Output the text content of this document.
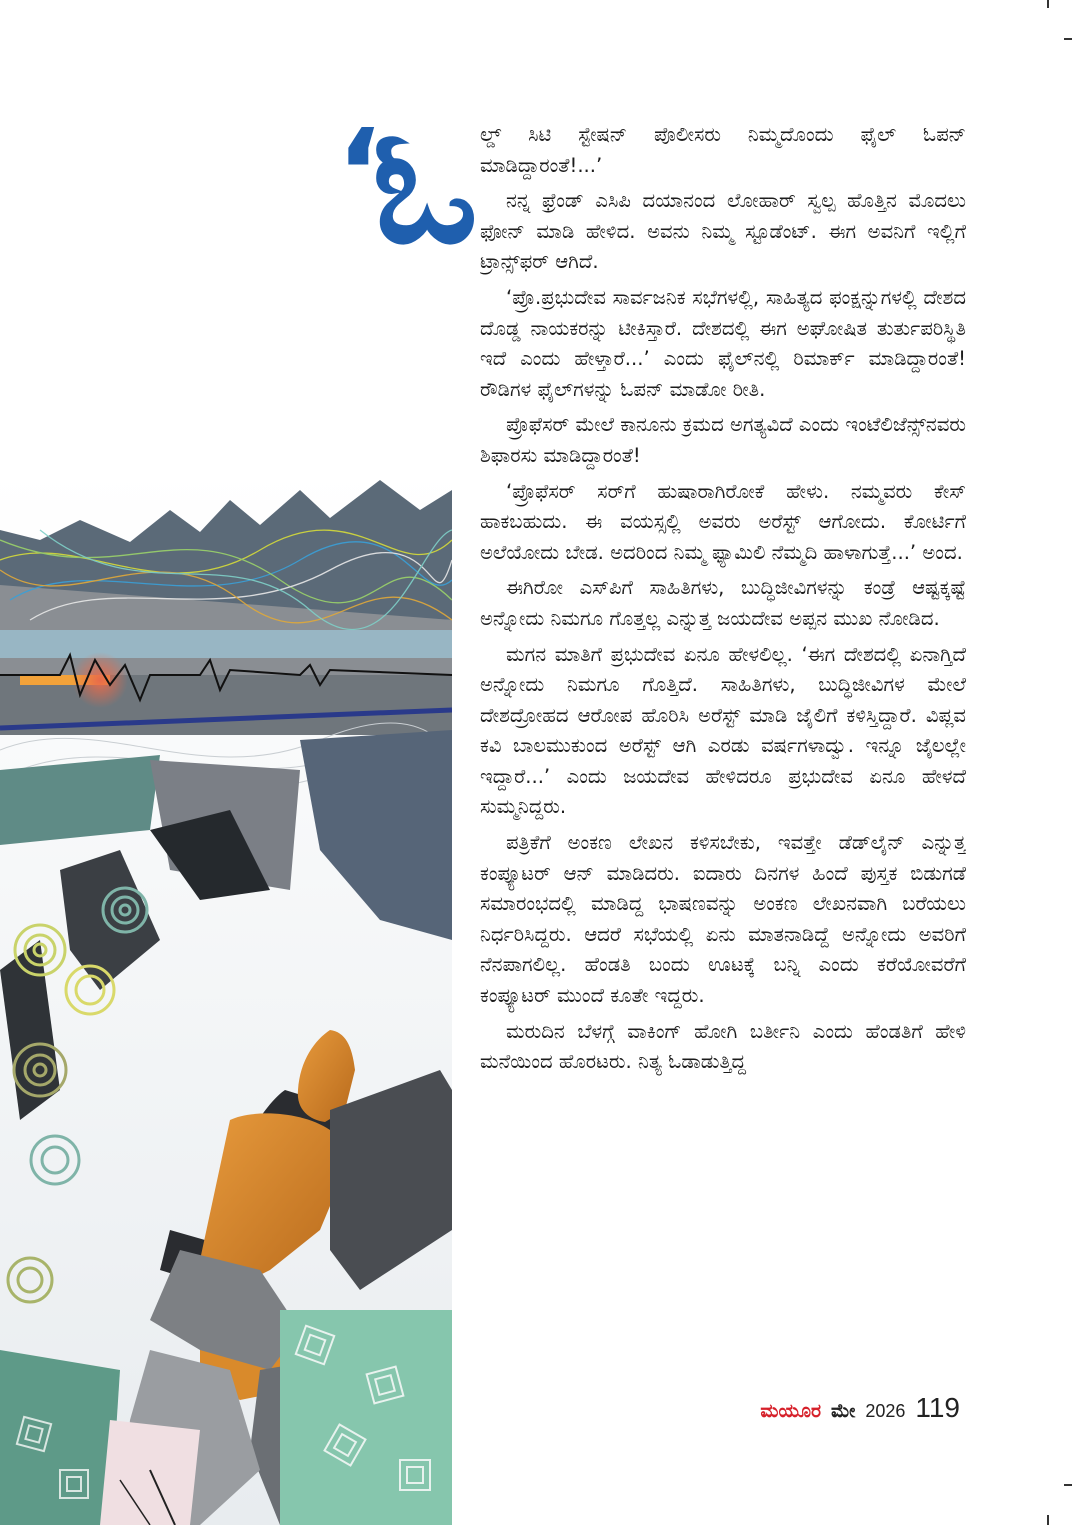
‘
ಓ ಲ್ಡ್ ಸಿಟಿ ಸ್ಟೇಷನ್ ಪೊಲೀಸರು ನಿಮ್ಮದೊಂದು ಫೈಲ್ ಓಪನ್ ಮಾಡಿದ್ದಾರಂತೆ!...’

ನನ್ನ ಫ್ರೆಂಡ್ ಎಸಿಪಿ ದಯಾನಂದ ಲೋಹಾರ್ ಸ್ವಲ್ಪ ಹೊತ್ತಿನ ಮೊದಲು ಫೋನ್ ಮಾಡಿ ಹೇಳಿದ. ಅವನು ನಿಮ್ಮ ಸ್ಟೂಡೆಂಟ್. ಈಗ ಅವನಿಗೆ ಇಲ್ಲಿಗೆ ಟ್ರಾನ್ಸ್‌ಫರ್ ಆಗಿದೆ.

‘ಪ್ರೊ.ಪ್ರಭುದೇವ ಸಾರ್ವಜನಿಕ ಸಭೆಗಳಲ್ಲಿ, ಸಾಹಿತ್ಯದ ಫಂಕ್ಷನ್ನುಗಳಲ್ಲಿ ದೇಶದ ದೊಡ್ಡ ನಾಯಕರನ್ನು ಟೀಕಿಸ್ತಾರೆ. ದೇಶದಲ್ಲಿ ಈಗ ಅಘೋಷಿತ ತುರ್ತುಪರಿಸ್ಥಿತಿ ಇದೆ ಎಂದು ಹೇಳ್ತಾರೆ...’ ಎಂದು ಫೈಲ್‌ನಲ್ಲಿ ರಿಮಾರ್ಕ್ ಮಾಡಿದ್ದಾರಂತೆ! ರೌಡಿಗಳ ಫೈಲ್‌ಗಳನ್ನು ಓಪನ್ ಮಾಡೋ ರೀತಿ.

ಪ್ರೊಫೆಸರ್ ಮೇಲೆ ಕಾನೂನು ಕ್ರಮದ ಅಗತ್ಯವಿದೆ ಎಂದು ಇಂಟೆಲಿಜೆನ್ಸ್‌ನವರು ಶಿಫಾರಸು ಮಾಡಿದ್ದಾರಂತೆ!

‘ಪ್ರೊಫೆಸರ್ ಸರ್‌ಗೆ ಹುಷಾರಾಗಿರೋಕೆ ಹೇಳು. ನಮ್ಮವರು ಕೇಸ್ ಹಾಕಬಹುದು. ಈ ವಯಸ್ಸಲ್ಲಿ ಅವರು ಅರೆಸ್ಟ್ ಆಗೋದು. ಕೋರ್ಟಿಗೆ ಅಲೆಯೋದು ಬೇಡ. ಅದರಿಂದ ನಿಮ್ಮ ಫ್ಯಾಮಿಲಿ ನೆಮ್ಮದಿ ಹಾಳಾಗುತ್ತೆ...’ ಅಂದ.

ಈಗಿರೋ ಎಸ್‌ಪಿಗೆ ಸಾಹಿತಿಗಳು, ಬುದ್ಧಿಜೀವಿಗಳನ್ನು ಕಂಡ್ರೆ ಆಷ್ಟಕ್ಕಷ್ಟೆ ಅನ್ನೋದು ನಿಮಗೂ ಗೊತ್ತಲ್ಲ ಎನ್ನುತ್ತ ಜಯದೇವ ಅಪ್ಪನ ಮುಖ ನೋಡಿದ.

ಮಗನ ಮಾತಿಗೆ ಪ್ರಭುದೇವ ಏನೂ ಹೇಳಲಿಲ್ಲ. ‘ಈಗ ದೇಶದಲ್ಲಿ ಏನಾಗ್ತಿದೆ ಅನ್ನೋದು ನಿಮಗೂ ಗೊತ್ತಿದೆ. ಸಾಹಿತಿಗಳು, ಬುದ್ಧಿಜೀವಿಗಳ ಮೇಲೆ ದೇಶದ್ರೋಹದ ಆರೋಪ ಹೊರಿಸಿ ಅರೆಸ್ಟ್ ಮಾಡಿ ಜೈಲಿಗೆ ಕಳಿಸ್ತಿದ್ದಾರೆ. ವಿಪ್ಲವ ಕವಿ ಬಾಲಮುಕುಂದ ಅರೆಸ್ಟ್ ಆಗಿ ಎರಡು ವರ್ಷಗಳಾದ್ವು. ಇನ್ನೂ ಜೈಲಲ್ಲೇ ಇದ್ದಾರೆ...’ ಎಂದು ಜಯದೇವ ಹೇಳಿದರೂ ಪ್ರಭುದೇವ ಏನೂ ಹೇಳದೆ ಸುಮ್ಮನಿದ್ದರು.

ಪತ್ರಿಕೆಗೆ ಅಂಕಣ ಲೇಖನ ಕಳಿಸಬೇಕು, ಇವತ್ತೇ ಡೆಡ್‌ಲೈನ್ ಎನ್ನುತ್ತ ಕಂಪ್ಯೂಟರ್ ಆನ್ ಮಾಡಿದರು. ಐದಾರು ದಿನಗಳ ಹಿಂದೆ ಪುಸ್ತಕ ಬಿಡುಗಡೆ ಸಮಾರಂಭದಲ್ಲಿ ಮಾಡಿದ್ದ ಭಾಷಣವನ್ನು ಅಂಕಣ ಲೇಖನವಾಗಿ ಬರೆಯಲು ನಿರ್ಧರಿಸಿದ್ದರು. ಆದರೆ ಸಭೆಯಲ್ಲಿ ಏನು ಮಾತನಾಡಿದ್ದೆ ಅನ್ನೋದು ಅವರಿಗೆ ನೆನಪಾಗಲಿಲ್ಲ. ಹೆಂಡತಿ ಬಂದು ಊಟಕ್ಕೆ ಬನ್ನಿ ಎಂದು ಕರೆಯೋವರೆಗೆ ಕಂಪ್ಯೂಟರ್ ಮುಂದೆ ಕೂತೇ ಇದ್ದರು.

ಮರುದಿನ ಬೆಳಗ್ಗೆ ವಾಕಿಂಗ್ ಹೋಗಿ ಬರ್ತೀನಿ ಎಂದು ಹೆಂಡತಿಗೆ ಹೇಳಿ ಮನೆಯಿಂದ ಹೊರಟರು. ನಿತ್ಯ ಓಡಾಡುತ್ತಿದ್ದ

ಮಯೂರ ಮೇ 2026 119
